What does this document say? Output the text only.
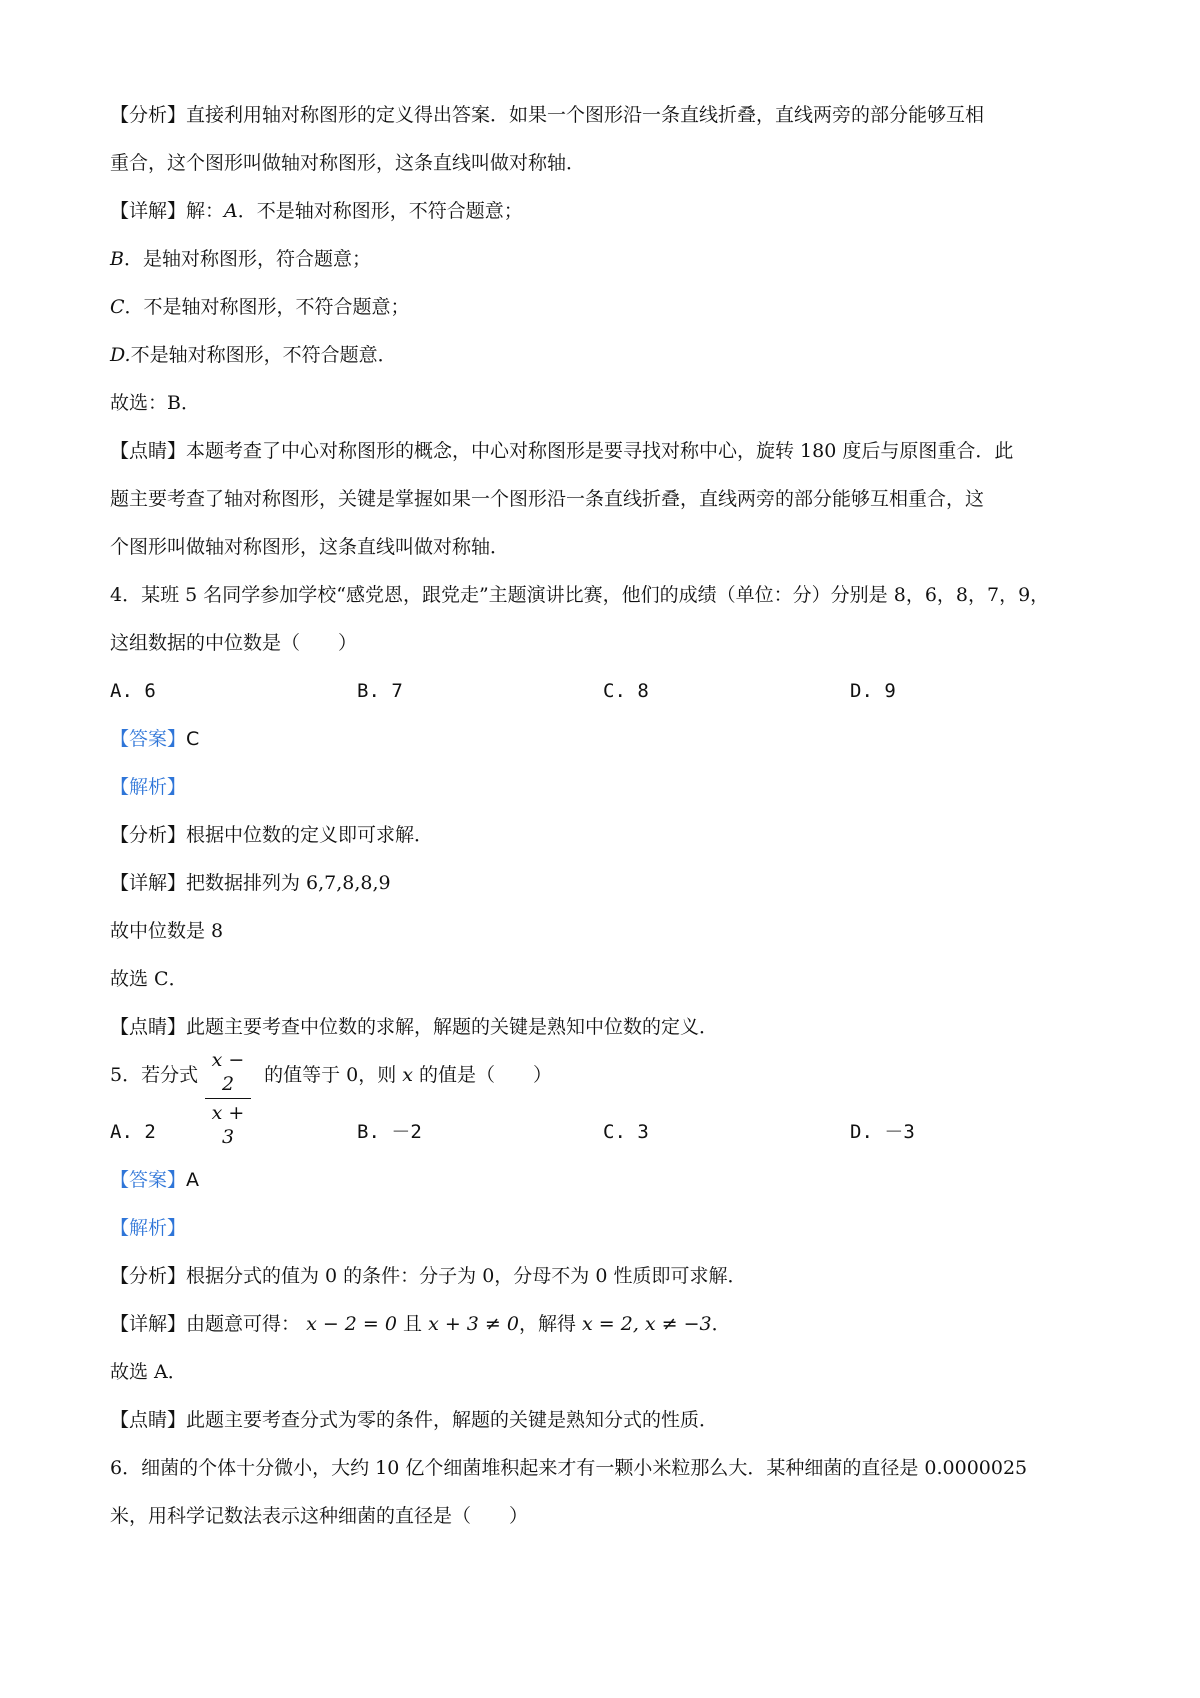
【分析】直接利用轴对称图形的定义得出答案．如果一个图形沿一条直线折叠，直线两旁的部分能够互相
重合，这个图形叫做轴对称图形，这条直线叫做对称轴．
【详解】解：A．不是轴对称图形，不符合题意；
B．是轴对称图形，符合题意；
C．不是轴对称图形，不符合题意；
D.不是轴对称图形，不符合题意．
故选：B．
【点睛】本题考查了中心对称图形的概念，中心对称图形是要寻找对称中心，旋转 180 度后与原图重合．此
题主要考查了轴对称图形，关键是掌握如果一个图形沿一条直线折叠，直线两旁的部分能够互相重合，这
个图形叫做轴对称图形，这条直线叫做对称轴．
4．某班 5 名同学参加学校“感党恩，跟党走”主题演讲比赛，他们的成绩（单位：分）分别是 8，6，8，7，9，
这组数据的中位数是（　　）
A. 6	B. 7	C. 8	D. 9
【答案】C
【解析】
【分析】根据中位数的定义即可求解．
【详解】把数据排列为 6,7,8,8,9
故中位数是 8
故选 C．
【点睛】此题主要考查中位数的求解，解题的关键是熟知中位数的定义．
5．若分式	的值等于 0，则 x 的值是（　　）
x − 2
x + 3
A. 2	B. －2	C. 3	D. －3
【答案】A
【解析】
【分析】根据分式的值为 0 的条件：分子为 0，分母不为 0 性质即可求解．
【详解】由题意可得： x − 2 = 0 且 x + 3 ≠ 0，解得 x = 2, x ≠ −3．
故选 A．
【点睛】此题主要考查分式为零的条件，解题的关键是熟知分式的性质．
6．细菌的个体十分微小，大约 10 亿个细菌堆积起来才有一颗小米粒那么大．某种细菌的直径是 0.0000025
米，用科学记数法表示这种细菌的直径是（　　）
